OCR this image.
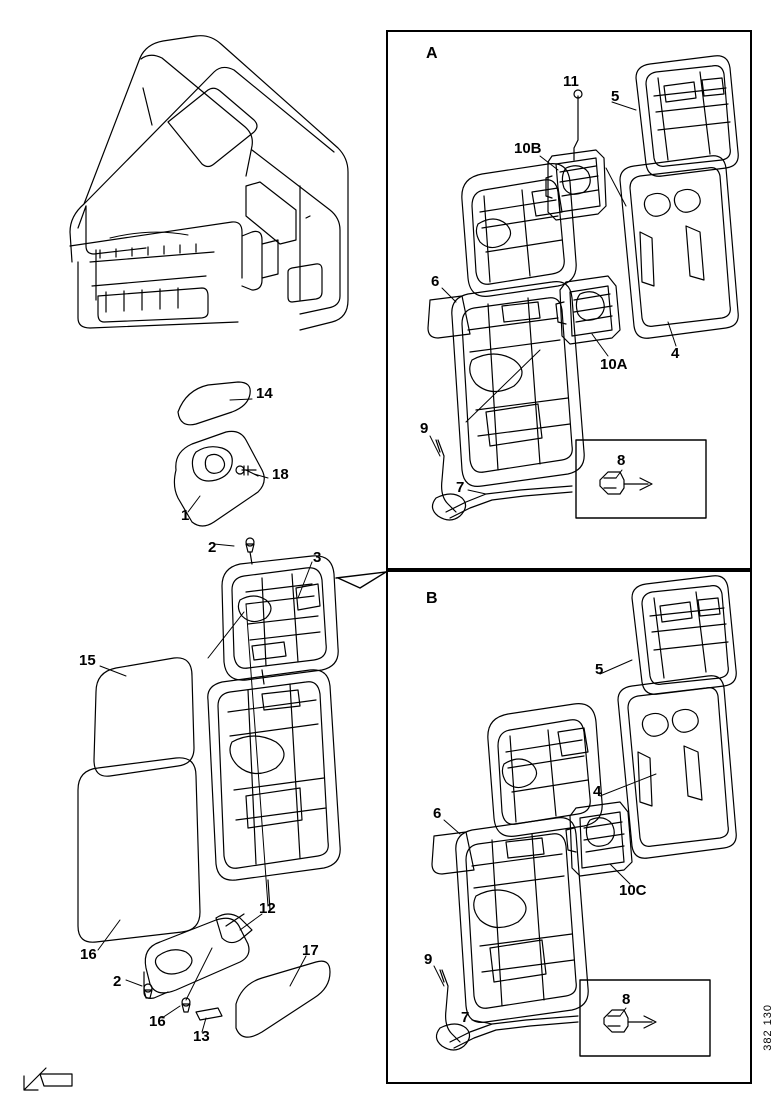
A
B
14
18
1
2
3
15
16
12
17
2
16
13
11
5
10B
6
10A
4
9
7
8
5
4
6
10C
9
7
8
382 130
